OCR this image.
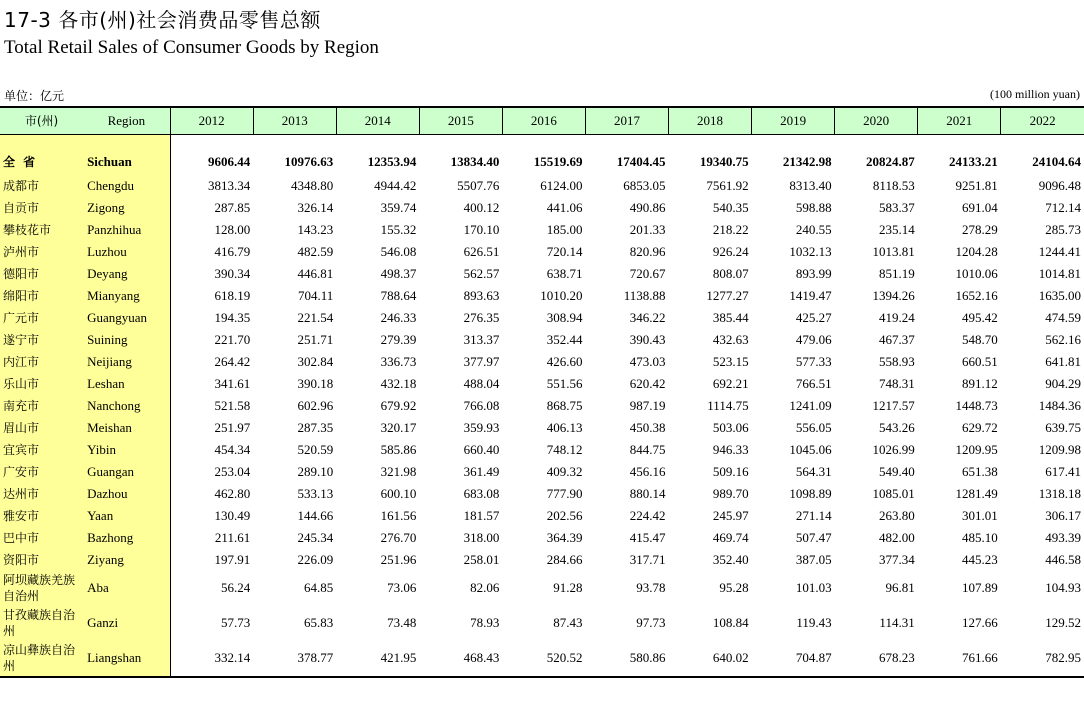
17-3 各市(州)社会消费品零售总额
Total Retail Sales of Consumer Goods by Region
单位：亿元	(100 million yuan)
市(州)	Region	2012	2013	2014	2015	2016	2017	2018	2019	2020	2021	2022

全 省	Sichuan	9606.44	10976.63	12353.94	13834.40	15519.69	17404.45	19340.75	21342.98	20824.87	24133.21	24104.64
成都市	Chengdu	3813.34	4348.80	4944.42	5507.76	6124.00	6853.05	7561.92	8313.40	8118.53	9251.81	9096.48
自贡市	Zigong	287.85	326.14	359.74	400.12	441.06	490.86	540.35	598.88	583.37	691.04	712.14
攀枝花市	Panzhihua	128.00	143.23	155.32	170.10	185.00	201.33	218.22	240.55	235.14	278.29	285.73
泸州市	Luzhou	416.79	482.59	546.08	626.51	720.14	820.96	926.24	1032.13	1013.81	1204.28	1244.41
德阳市	Deyang	390.34	446.81	498.37	562.57	638.71	720.67	808.07	893.99	851.19	1010.06	1014.81
绵阳市	Mianyang	618.19	704.11	788.64	893.63	1010.20	1138.88	1277.27	1419.47	1394.26	1652.16	1635.00
广元市	Guangyuan	194.35	221.54	246.33	276.35	308.94	346.22	385.44	425.27	419.24	495.42	474.59
遂宁市	Suining	221.70	251.71	279.39	313.37	352.44	390.43	432.63	479.06	467.37	548.70	562.16
内江市	Neijiang	264.42	302.84	336.73	377.97	426.60	473.03	523.15	577.33	558.93	660.51	641.81
乐山市	Leshan	341.61	390.18	432.18	488.04	551.56	620.42	692.21	766.51	748.31	891.12	904.29
南充市	Nanchong	521.58	602.96	679.92	766.08	868.75	987.19	1114.75	1241.09	1217.57	1448.73	1484.36
眉山市	Meishan	251.97	287.35	320.17	359.93	406.13	450.38	503.06	556.05	543.26	629.72	639.75
宜宾市	Yibin	454.34	520.59	585.86	660.40	748.12	844.75	946.33	1045.06	1026.99	1209.95	1209.98
广安市	Guangan	253.04	289.10	321.98	361.49	409.32	456.16	509.16	564.31	549.40	651.38	617.41
达州市	Dazhou	462.80	533.13	600.10	683.08	777.90	880.14	989.70	1098.89	1085.01	1281.49	1318.18
雅安市	Yaan	130.49	144.66	161.56	181.57	202.56	224.42	245.97	271.14	263.80	301.01	306.17
巴中市	Bazhong	211.61	245.34	276.70	318.00	364.39	415.47	469.74	507.47	482.00	485.10	493.39
资阳市	Ziyang	197.91	226.09	251.96	258.01	284.66	317.71	352.40	387.05	377.34	445.23	446.58
阿坝藏族羌族自治州	Aba	56.24	64.85	73.06	82.06	91.28	93.78	95.28	101.03	96.81	107.89	104.93
甘孜藏族自治州	Ganzi	57.73	65.83	73.48	78.93	87.43	97.73	108.84	119.43	114.31	127.66	129.52
凉山彝族自治州	Liangshan	332.14	378.77	421.95	468.43	520.52	580.86	640.02	704.87	678.23	761.66	782.95
